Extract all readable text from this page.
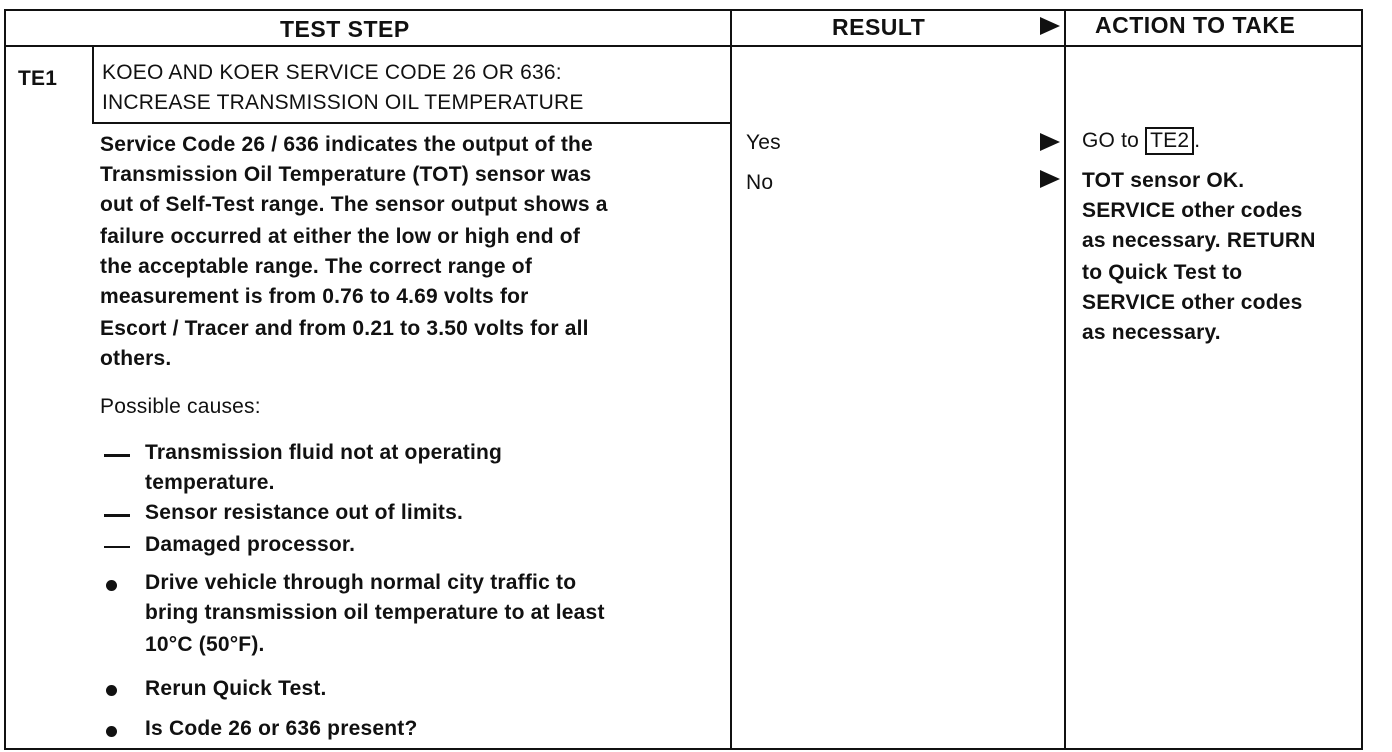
TEST STEP	RESULT	ACTION TO TAKE
TE1 KOEO AND KOER SERVICE CODE 26 OR 636:
INCREASE TRANSMISSION OIL TEMPERATURE
Service Code 26 / 636 indicates the output of the
Transmission Oil Temperature (TOT) sensor was
out of Self-Test range. The sensor output shows a
failure occurred at either the low or high end of
the acceptable range. The correct range of
measurement is from 0.76 to 4.69 volts for
Escort / Tracer and from 0.21 to 3.50 volts for all
others.
Possible causes:
Transmission fluid not at operating
temperature.
Sensor resistance out of limits.
Damaged processor.
Drive vehicle through normal city traffic to
bring transmission oil temperature to at least
10°C (50°F).
Rerun Quick Test.
Is Code 26 or 636 present?
Yes
No
GO to TE2 .
TOT sensor OK.
SERVICE other codes
as necessary. RETURN
to Quick Test to
SERVICE other codes
as necessary.
